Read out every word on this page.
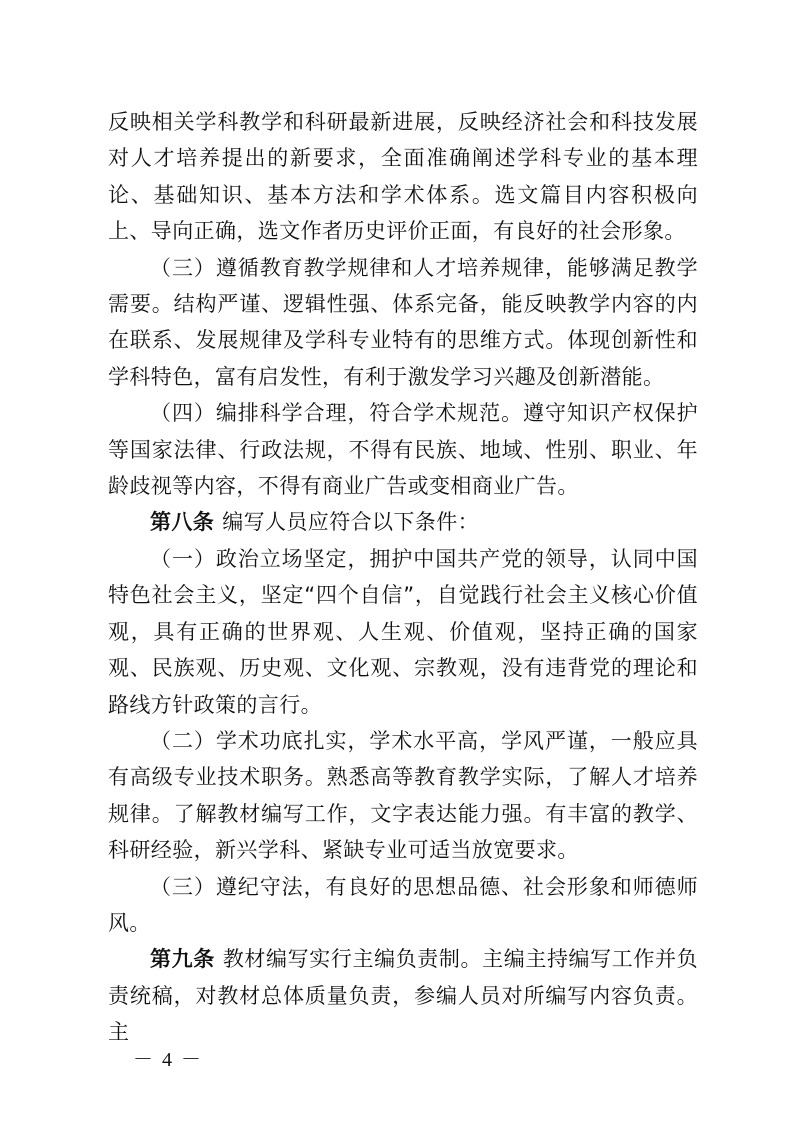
反映相关学科教学和科研最新进展，反映经济社会和科技发展对人才培养提出的新要求，全面准确阐述学科专业的基本理论、基础知识、基本方法和学术体系。选文篇目内容积极向上、导向正确，选文作者历史评价正面，有良好的社会形象。

（三）遵循教育教学规律和人才培养规律，能够满足教学需要。结构严谨、逻辑性强、体系完备，能反映教学内容的内在联系、发展规律及学科专业特有的思维方式。体现创新性和学科特色，富有启发性，有利于激发学习兴趣及创新潜能。

（四）编排科学合理，符合学术规范。遵守知识产权保护等国家法律、行政法规，不得有民族、地域、性别、职业、年龄歧视等内容，不得有商业广告或变相商业广告。

第八条 编写人员应符合以下条件：

（一）政治立场坚定，拥护中国共产党的领导，认同中国特色社会主义，坚定“四个自信”，自觉践行社会主义核心价值观，具有正确的世界观、人生观、价值观，坚持正确的国家观、民族观、历史观、文化观、宗教观，没有违背党的理论和路线方针政策的言行。

（二）学术功底扎实，学术水平高，学风严谨，一般应具有高级专业技术职务。熟悉高等教育教学实际，了解人才培养规律。了解教材编写工作，文字表达能力强。有丰富的教学、科研经验，新兴学科、紧缺专业可适当放宽要求。

（三）遵纪守法，有良好的思想品德、社会形象和师德师风。

第九条 教材编写实行主编负责制。主编主持编写工作并负责统稿，对教材总体质量负责，参编人员对所编写内容负责。主

－ 4 －
